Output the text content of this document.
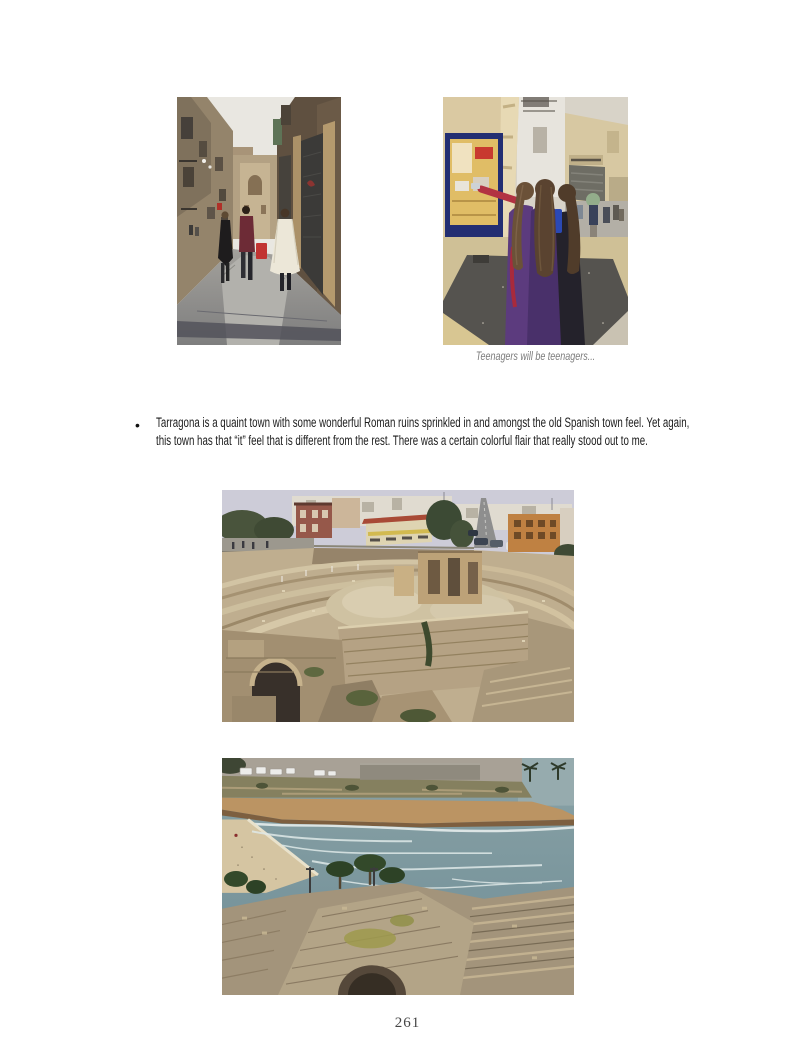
Teenagers will be teenagers...
• Tarragona is a quaint town with some wonderful Roman ruins sprinkled in and amongst the old Spanish town feel. Yet again, this town has that “it” feel that is different from the rest. There was a certain colorful flair that really stood out to me.
261
